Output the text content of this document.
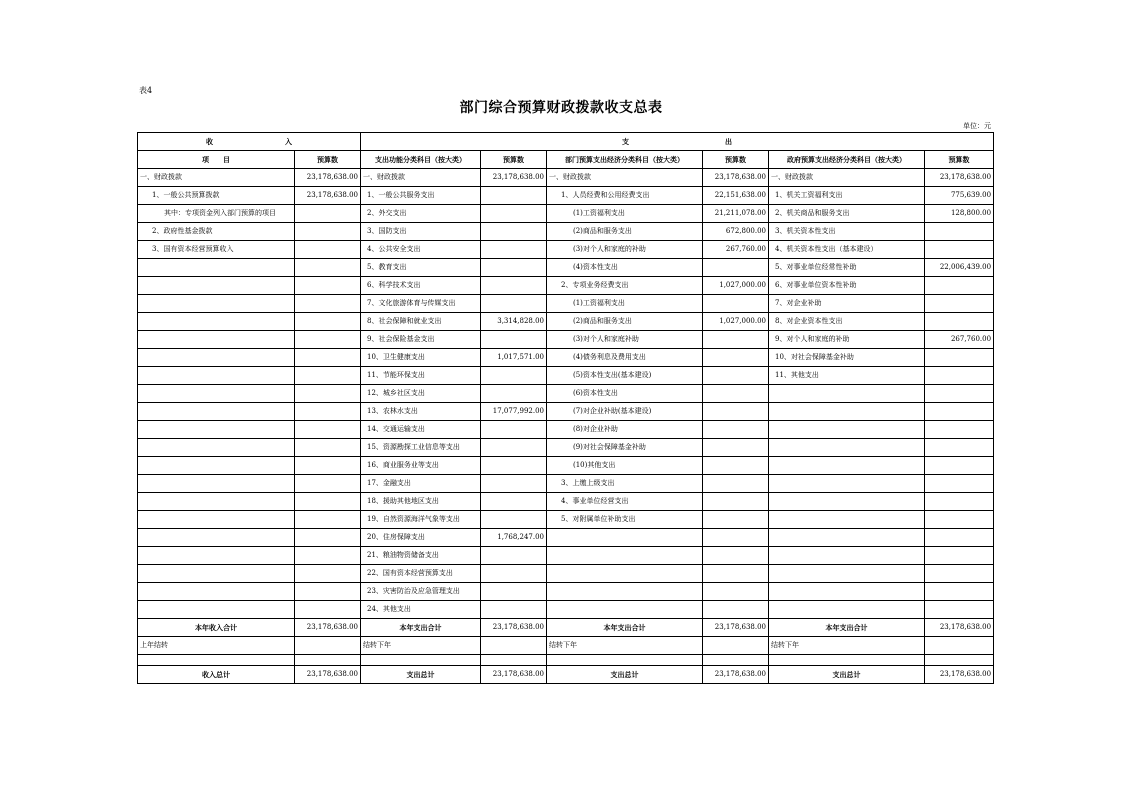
表4
部门综合预算财政拨款收支总表
单位：元
收 入		支 出					
项　　目	预算数	支出功能分类科目（按大类）	预算数	部门预算支出经济分类科目（按大类）	预算数	政府预算支出经济分类科目（按大类）	预算数
一、财政拨款	23,178,638.00	一、财政拨款	23,178,638.00	一、财政拨款	23,178,638.00	一、财政拨款	23,178,638.00
1、一般公共预算拨款	23,178,638.00	1、一般公共服务支出		1、人员经费和公用经费支出	22,151,638.00	1、机关工资福利支出	775,639.00
其中：专项资金列入部门预算的项目		2、外交支出		(1)工资福利支出	21,211,078.00	2、机关商品和服务支出	128,800.00
2、政府性基金拨款		3、国防支出		(2)商品和服务支出	672,800.00	3、机关资本性支出	
3、国有资本经营预算收入		4、公共安全支出		(3)对个人和家庭的补助	267,760.00	4、机关资本性支出（基本建设）	
		5、教育支出		(4)资本性支出		5、对事业单位经常性补助	22,006,439.00
		6、科学技术支出		2、专项业务经费支出	1,027,000.00	6、对事业单位资本性补助	
		7、文化旅游体育与传媒支出		(1)工资福利支出		7、对企业补助	
		8、社会保障和就业支出	3,314,828.00	(2)商品和服务支出	1,027,000.00	8、对企业资本性支出	
		9、社会保险基金支出		(3)对个人和家庭补助		9、对个人和家庭的补助	267,760.00
		10、卫生健康支出	1,017,571.00	(4)债务利息及费用支出		10、对社会保障基金补助	
		11、节能环保支出		(5)资本性支出(基本建设)		11、其他支出	
		12、城乡社区支出		(6)资本性支出			
		13、农林水支出	17,077,992.00	(7)对企业补助(基本建设)			
		14、交通运输支出		(8)对企业补助			
		15、资源勘探工业信息等支出		(9)对社会保障基金补助			
		16、商业服务业等支出		(10)其他支出			
		17、金融支出		3、上缴上级支出			
		18、援助其他地区支出		4、事业单位经营支出			
		19、自然资源海洋气象等支出		5、对附属单位补助支出			
		20、住房保障支出	1,768,247.00				
		21、粮油物资储备支出					
		22、国有资本经营预算支出					
		23、灾害防治及应急管理支出					
		24、其他支出					
本年收入合计	23,178,638.00	本年支出合计	23,178,638.00	本年支出合计	23,178,638.00	本年支出合计	23,178,638.00
上年结转		结转下年		结转下年		结转下年	

收入总计	23,178,638.00	支出总计	23,178,638.00	支出总计	23,178,638.00	支出总计	23,178,638.00
